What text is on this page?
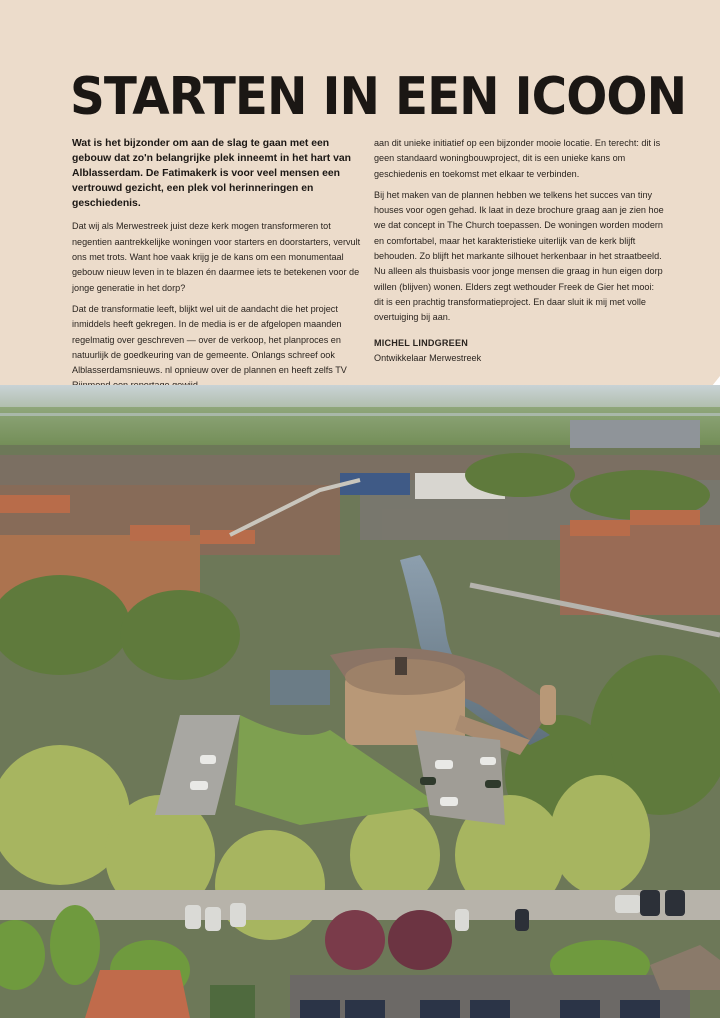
STARTEN IN EEN ICOON

Wat is het bijzonder om aan de slag te gaan met een gebouw dat zo'n belangrijke plek inneemt in het hart van Alblasserdam. De Fatimakerk is voor veel mensen een vertrouwd gezicht, een plek vol herinneringen en geschiedenis.

Dat wij als Merwestreek juist deze kerk mogen transformeren tot negentien aantrekkelijke woningen voor starters en doorstarters, vervult ons met trots. Want hoe vaak krijg je de kans om een monumentaal gebouw nieuw leven in te blazen én daarmee iets te betekenen voor de jonge generatie in het dorp?

Dat de transformatie leeft, blijkt wel uit de aandacht die het project inmiddels heeft gekregen. In de media is er de afgelopen maanden regelmatig over geschreven — over de verkoop, het planproces en natuurlijk de goedkeuring van de gemeente. Onlangs schreef ook Alblasserdamsnieuws. nl opnieuw over de plannen en heeft zelfs TV

aan dit unieke initiatief op een bijzonder mooie locatie. En terecht: dit is geen standaard woningbouwproject, dit is een unieke kans om geschiedenis en toekomst met elkaar te verbinden.

Bij het maken van de plannen hebben we telkens het succes van tiny houses voor ogen gehad. Ik laat in deze brochure graag aan je zien hoe we dat concept in The Church toepassen. De woningen worden modern en comfortabel, maar het karakteristieke uiterlijk van de kerk blijft behouden. Zo blijft het markante silhouet herkenbaar in het straatbeeld. Nu alleen als thuisbasis voor jonge mensen die graag in hun eigen dorp willen (blijven) wonen. Elders zegt wethouder Freek de Gier het mooi: dit is een prachtig transformatieproject. En daar sluit ik mij met volle overtuiging bij aan.

MICHEL LINDGREEN

Ontwikkelaar Merwestreek
